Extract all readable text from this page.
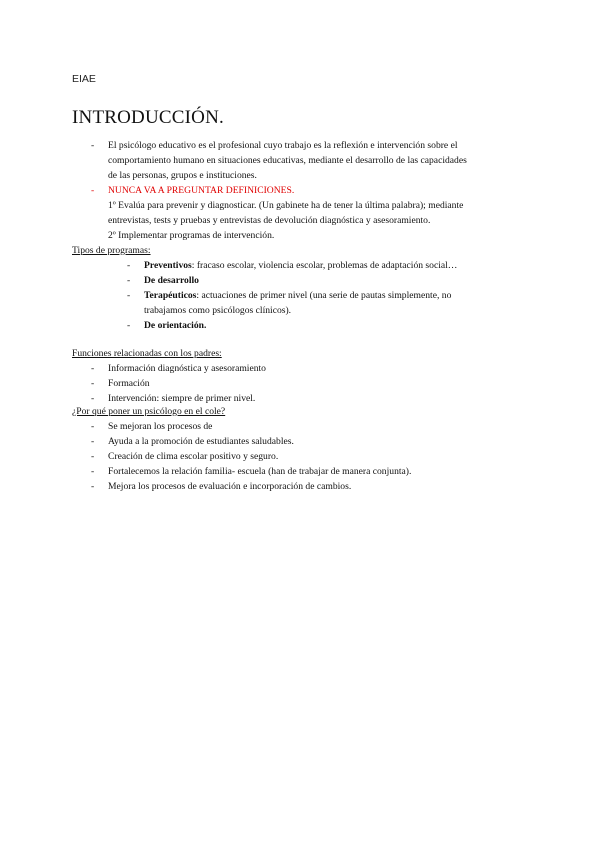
EIAE
INTRODUCCIÓN.
- El psicólogo educativo es el profesional cuyo trabajo es la reflexión e intervención sobre el
comportamiento humano en situaciones educativas, mediante el desarrollo de las capacidades
de las personas, grupos e instituciones.
- NUNCA VA A PREGUNTAR DEFINICIONES.
1º Evalúa para prevenir y diagnosticar. (Un gabinete ha de tener la última palabra); mediante
entrevistas, tests y pruebas y entrevistas de devolución diagnóstica y asesoramiento.
2º Implementar programas de intervención.
Tipos de programas:
- Preventivos: fracaso escolar, violencia escolar, problemas de adaptación social…
- De desarrollo
- Terapéuticos: actuaciones de primer nivel (una serie de pautas simplemente, no
trabajamos como psicólogos clínicos).
- De orientación.
Funciones relacionadas con los padres:
- Información diagnóstica y asesoramiento
- Formación
- Intervención: siempre de primer nivel.
¿Por qué poner un psicólogo en el cole?
- Se mejoran los procesos de
- Ayuda a la promoción de estudiantes saludables.
- Creación de clima escolar positivo y seguro.
- Fortalecemos la relación familia- escuela (han de trabajar de manera conjunta).
- Mejora los procesos de evaluación e incorporación de cambios.
